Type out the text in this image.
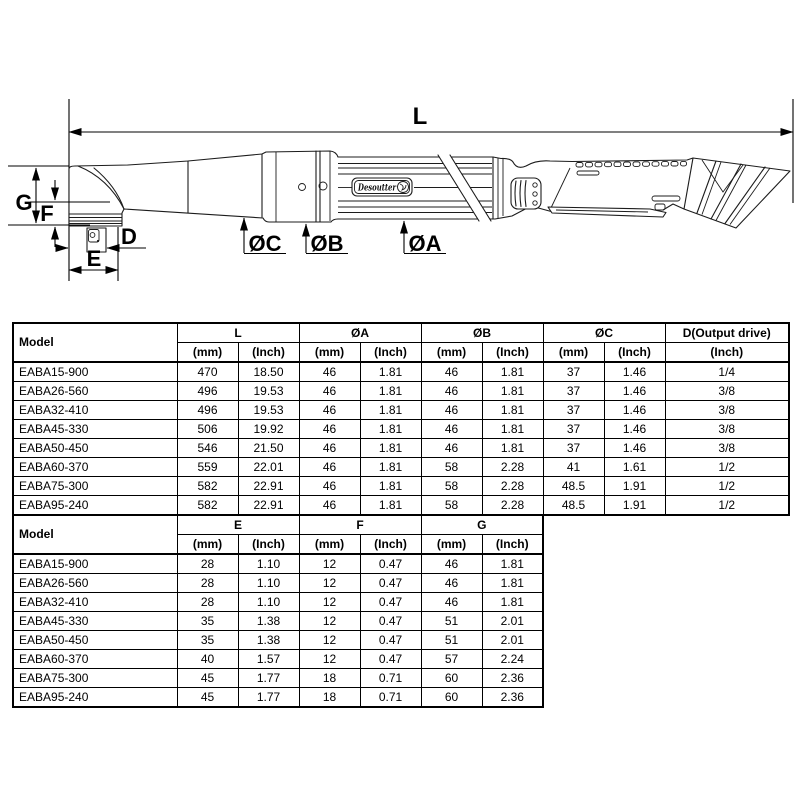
L
Desoutter
G F
D
E
ØC ØB	ØA
Model	L		ØA		ØB		ØC		D(Output drive)
	(mm)	(Inch)	(mm)	(Inch)	(mm)	(Inch)	(mm)	(Inch)	(Inch)
EABA15-900	470	18.50	46	1.81	46	1.81	37	1.46	1/4
EABA26-560	496	19.53	46	1.81	46	1.81	37	1.46	3/8
EABA32-410	496	19.53	46	1.81	46	1.81	37	1.46	3/8
EABA45-330	506	19.92	46	1.81	46	1.81	37	1.46	3/8
EABA50-450	546	21.50	46	1.81	46	1.81	37	1.46	3/8
EABA60-370	559	22.01	46	1.81	58	2.28	41	1.61	1/2
EABA75-300	582	22.91	46	1.81	58	2.28	48.5	1.91	1/2
EABA95-240	582	22.91	46	1.81	58	2.28	48.5	1.91	1/2
Model	E		F		G	
	(mm)	(Inch)	(mm)	(Inch)	(mm)	(Inch)
EABA15-900	28	1.10	12	0.47	46	1.81
EABA26-560	28	1.10	12	0.47	46	1.81
EABA32-410	28	1.10	12	0.47	46	1.81
EABA45-330	35	1.38	12	0.47	51	2.01
EABA50-450	35	1.38	12	0.47	51	2.01
EABA60-370	40	1.57	12	0.47	57	2.24
EABA75-300	45	1.77	18	0.71	60	2.36
EABA95-240	45	1.77	18	0.71	60	2.36
